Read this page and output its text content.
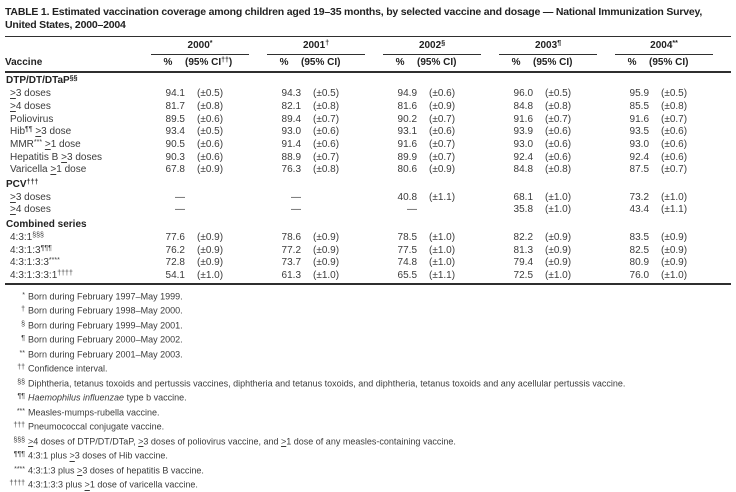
TABLE 1. Estimated vaccination coverage among children aged 19–35 months, by selected vaccine and dosage — National Immunization Survey, United States, 2000–2004

	2000*		2001†		2002§		2003¶		2004**

Vaccine	%	(95% CI††)	%	(95% CI)	%	(95% CI)	%	(95% CI)	%	(95% CI)
DTP/DT/DTaP§§										
>3 doses	94.1	(±0.5)	94.3	(±0.5)	94.9	(±0.6)	96.0	(±0.5)	95.9	(±0.5)
>4 doses	81.7	(±0.8)	82.1	(±0.8)	81.6	(±0.9)	84.8	(±0.8)	85.5	(±0.8)
Poliovirus	89.5	(±0.6)	89.4	(±0.7)	90.2	(±0.7)	91.6	(±0.7)	91.6	(±0.7)
Hib¶¶ >3 dose	93.4	(±0.5)	93.0	(±0.6)	93.1	(±0.6)	93.9	(±0.6)	93.5	(±0.6)
MMR*** >1 dose	90.5	(±0.6)	91.4	(±0.6)	91.6	(±0.7)	93.0	(±0.6)	93.0	(±0.6)
Hepatitis B >3 doses	90.3	(±0.6)	88.9	(±0.7)	89.9	(±0.7)	92.4	(±0.6)	92.4	(±0.6)
Varicella >1 dose	67.8	(±0.9)	76.3	(±0.8)	80.6	(±0.9)	84.8	(±0.8)	87.5	(±0.7)
PCV†††										
>3 doses	—		—		40.8	(±1.1)	68.1	(±1.0)	73.2	(±1.0)
>4 doses	—		—		—		35.8	(±1.0)	43.4	(±1.1)
Combined series										
4:3:1§§§	77.6	(±0.9)	78.6	(±0.9)	78.5	(±1.0)	82.2	(±0.9)	83.5	(±0.9)
4:3:1:3¶¶¶	76.2	(±0.9)	77.2	(±0.9)	77.5	(±1.0)	81.3	(±0.9)	82.5	(±0.9)
4:3:1:3:3****	72.8	(±0.9)	73.7	(±0.9)	74.8	(±1.0)	79.4	(±0.9)	80.9	(±0.9)
4:3:1:3:3:1††††	54.1	(±1.0)	61.3	(±1.0)	65.5	(±1.1)	72.5	(±1.0)	76.0	(±1.0)
* Born during February 1997–May 1999.
† Born during February 1998–May 2000.
§ Born during February 1999–May 2001.
¶ Born during February 2000–May 2002.
** Born during February 2001–May 2003.
†† Confidence interval.
§§ Diphtheria, tetanus toxoids and pertussis vaccines, diphtheria and tetanus toxoids, and diphtheria, tetanus toxoids and any acellular pertussis vaccine.
¶¶ Haemophilus influenzae type b vaccine.
*** Measles-mumps-rubella vaccine.
††† Pneumococcal conjugate vaccine.
§§§ >4 doses of DTP/DT/DTaP, >3 doses of poliovirus vaccine, and >1 dose of any measles-containing vaccine.
¶¶¶ 4:3:1 plus >3 doses of Hib vaccine.
**** 4:3:1:3 plus >3 doses of hepatitis B vaccine.
†††† 4:3:1:3:3 plus >1 dose of varicella vaccine.
